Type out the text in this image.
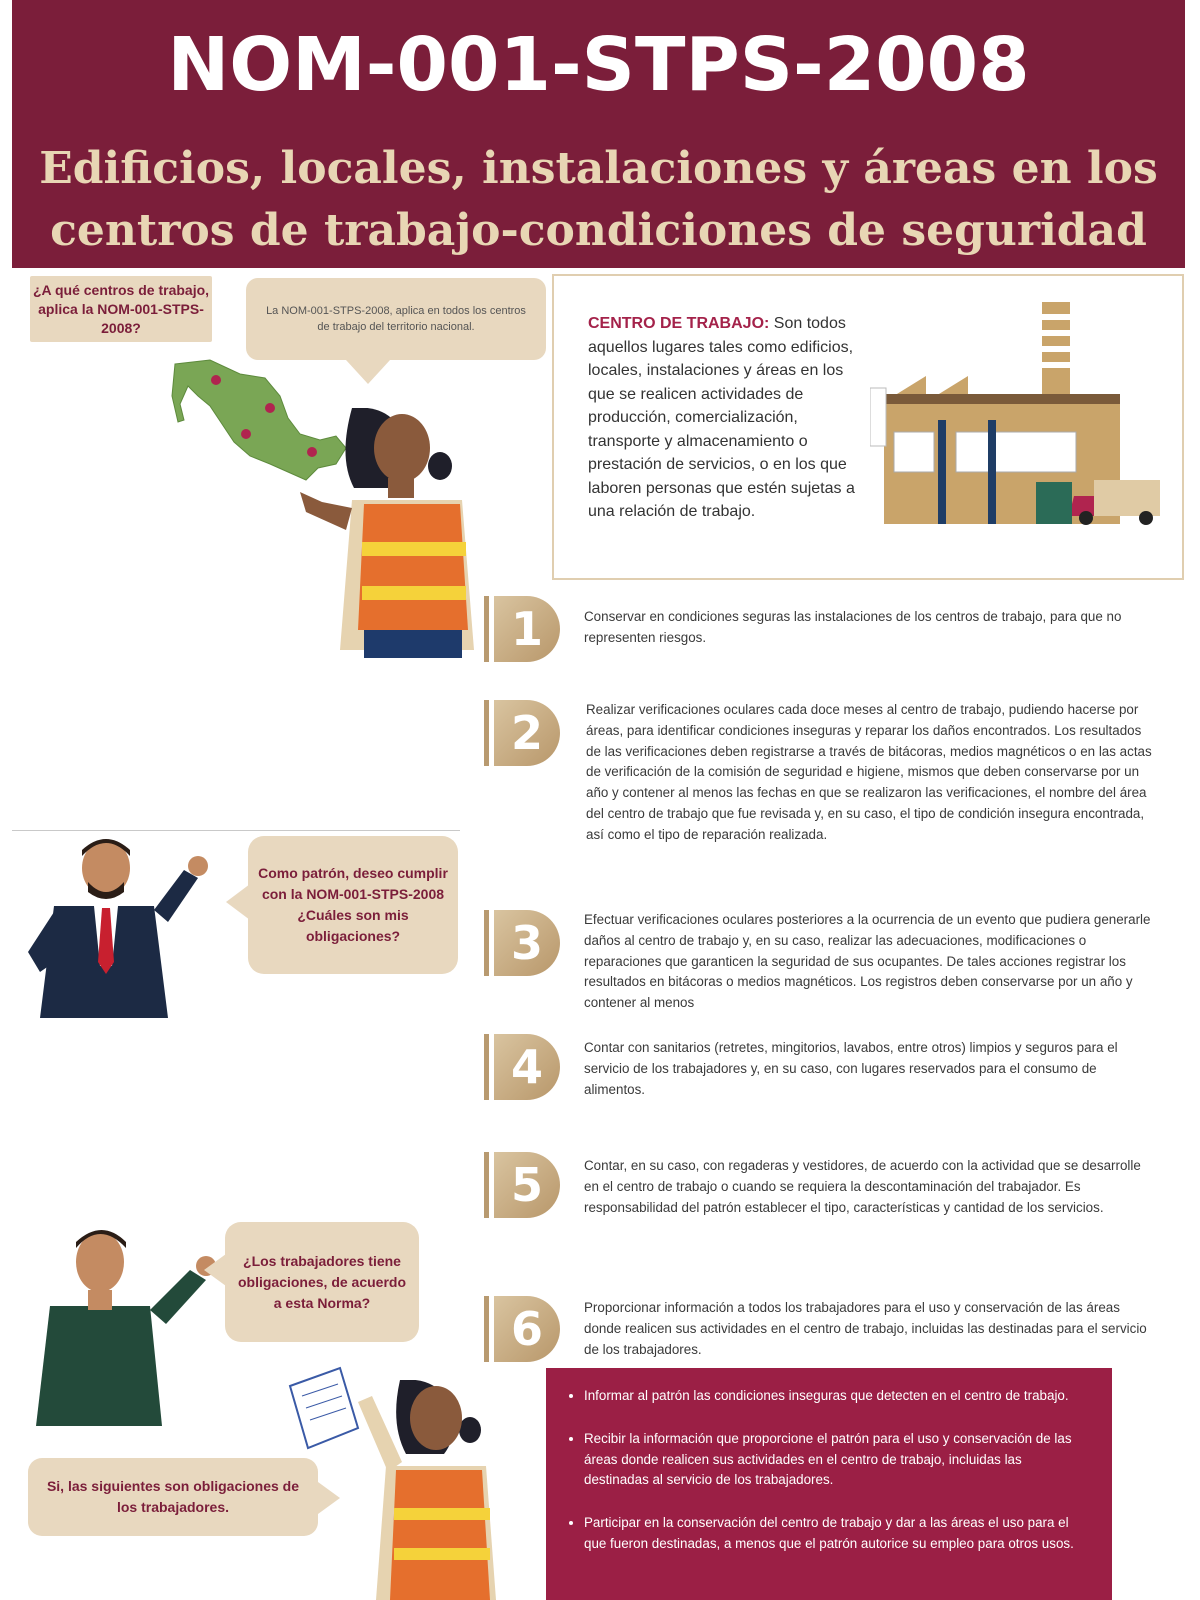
NOM-001-STPS-2008
Edificios, locales, instalaciones y áreas en los
centros de trabajo-condiciones de seguridad
¿A qué centros de trabajo, aplica la NOM-001-STPS-2008?
La NOM-001-STPS-2008, aplica en todos los centros de trabajo del territorio nacional.	CENTRO DE TRABAJO: Son todos aquellos lugares tales como edificios, locales, instalaciones y áreas en los que se realicen actividades de producción, comercialización, transporte y almacenamiento o prestación de servicios, o en los que laboren personas que estén sujetas a una relación de trabajo.
1	Conservar en condiciones seguras las instalaciones de los centros de trabajo, para que no representen riesgos.
2	Realizar verificaciones oculares cada doce meses al centro de trabajo, pudiendo hacerse por áreas, para identificar condiciones inseguras y reparar los daños encontrados. Los resultados de las verificaciones deben registrarse a través de bitácoras, medios magnéticos o en las actas de verificación de la comisión de seguridad e higiene, mismos que deben conservarse por un año y contener al menos las fechas en que se realizaron las verificaciones, el nombre del área del centro de trabajo que fue revisada y, en su caso, el tipo de condición insegura encontrada, así como el tipo de reparación realizada.
3	Efectuar verificaciones oculares posteriores a la ocurrencia de un evento que pudiera generarle daños al centro de trabajo y, en su caso, realizar las adecuaciones, modificaciones o reparaciones que garanticen la seguridad de sus ocupantes. De tales acciones registrar los resultados en bitácoras o medios magnéticos. Los registros deben conservarse por un año y contener al menos
4	Contar con sanitarios (retretes, mingitorios, lavabos, entre otros) limpios y seguros para el servicio de los trabajadores y, en su caso, con lugares reservados para el consumo de alimentos.
5	Contar, en su caso, con regaderas y vestidores, de acuerdo con la actividad que se desarrolle en el centro de trabajo o cuando se requiera la descontaminación del trabajador. Es responsabilidad del patrón establecer el tipo, características y cantidad de los servicios.
6	Proporcionar información a todos los trabajadores para el uso y conservación de las áreas donde realicen sus actividades en el centro de trabajo, incluidas las destinadas para el servicio de los trabajadores.
Como patrón, deseo cumplir con la NOM-001-STPS-2008 ¿Cuáles son mis obligaciones?
¿Los trabajadores tiene obligaciones, de acuerdo a esta Norma?
Si, las siguientes son obligaciones de los trabajadores.
• Informar al patrón las condiciones inseguras que detecten en el centro de trabajo.
• Recibir la información que proporcione el patrón para el uso y conservación de las áreas donde realicen sus actividades en el centro de trabajo, incluidas las destinadas al servicio de los trabajadores.
• Participar en la conservación del centro de trabajo y dar a las áreas el uso para el que fueron destinadas, a menos que el patrón autorice su empleo para otros usos.
